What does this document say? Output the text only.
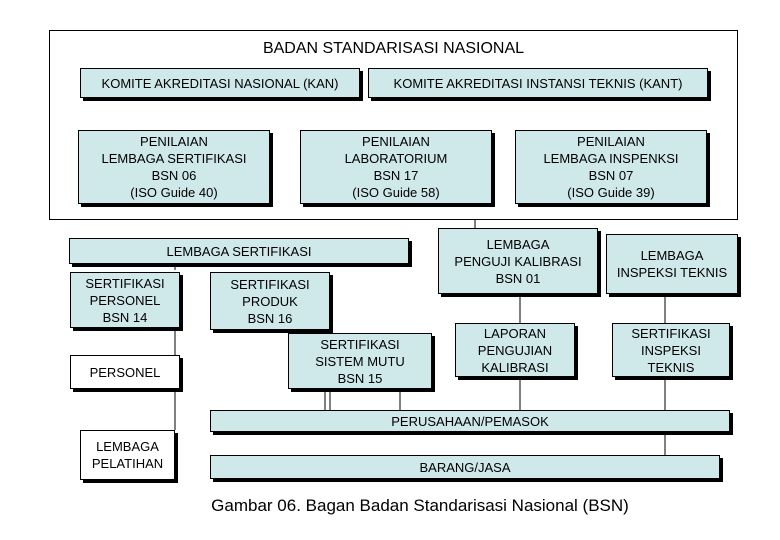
BADAN STANDARISASI NASIONAL
KOMITE AKREDITASI NASIONAL (KAN)	KOMITE AKREDITASI INSTANSI TEKNIS (KANT)
PENILAIAN
LEMBAGA SERTIFIKASI
BSN 06
(ISO Guide 40)
PENILAIAN
LABORATORIUM
BSN 17
(ISO Guide 58)
PENILAIAN
LEMBAGA INSPENKSI
BSN 07
(ISO Guide 39)
LEMBAGA SERTIFIKASI	LEMBAGA
PENGUJI KALIBRASI
BSN 01
LEMBAGA
INSPEKSI TEKNIS
SERTIFIKASI
PERSONEL
BSN 14
SERTIFIKASI
PRODUK
BSN 16
SERTIFIKASI
SISTEM MUTU
BSN 15
LAPORAN
PENGUJIAN
KALIBRASI
SERTIFIKASI
INSPEKSI
TEKNIS
PERSONEL
LEMBAGA
PELATIHAN
PERUSAHAAN/PEMASOK
BARANG/JASA
Gambar 06. Bagan Badan Standarisasi Nasional (BSN)
